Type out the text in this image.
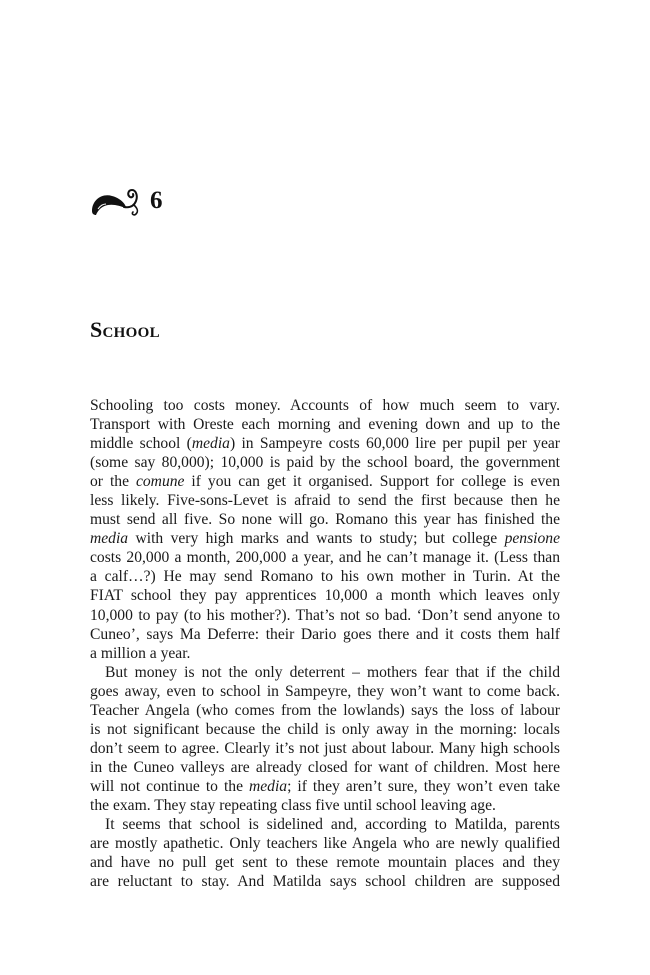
6
School

Schooling too costs money. Accounts of how much seem to vary.
Transport with Oreste each morning and evening down and up to the
middle school (media) in Sampeyre costs 60,000 lire per pupil per year
(some say 80,000); 10,000 is paid by the school board, the government
or the comune if you can get it organised. Support for college is even
less likely. Five-sons-Levet is afraid to send the first because then he
must send all five. So none will go. Romano this year has finished the
media with very high marks and wants to study; but college pensione
costs 20,000 a month, 200,000 a year, and he can’t manage it. (Less than
a calf…?) He may send Romano to his own mother in Turin. At the
FIAT school they pay apprentices 10,000 a month which leaves only
10,000 to pay (to his mother?). That’s not so bad. ‘Don’t send anyone to
Cuneo’, says Ma Deferre: their Dario goes there and it costs them half
a million a year.

But money is not the only deterrent – mothers fear that if the child
goes away, even to school in Sampeyre, they won’t want to come back.
Teacher Angela (who comes from the lowlands) says the loss of labour
is not significant because the child is only away in the morning: locals
don’t seem to agree. Clearly it’s not just about labour. Many high schools
in the Cuneo valleys are already closed for want of children. Most here
will not continue to the media; if they aren’t sure, they won’t even take
the exam. They stay repeating class five until school leaving age.

It seems that school is sidelined and, according to Matilda, parents
are mostly apathetic. Only teachers like Angela who are newly qualified
and have no pull get sent to these remote mountain places and they
are reluctant to stay. And Matilda says school children are supposed
